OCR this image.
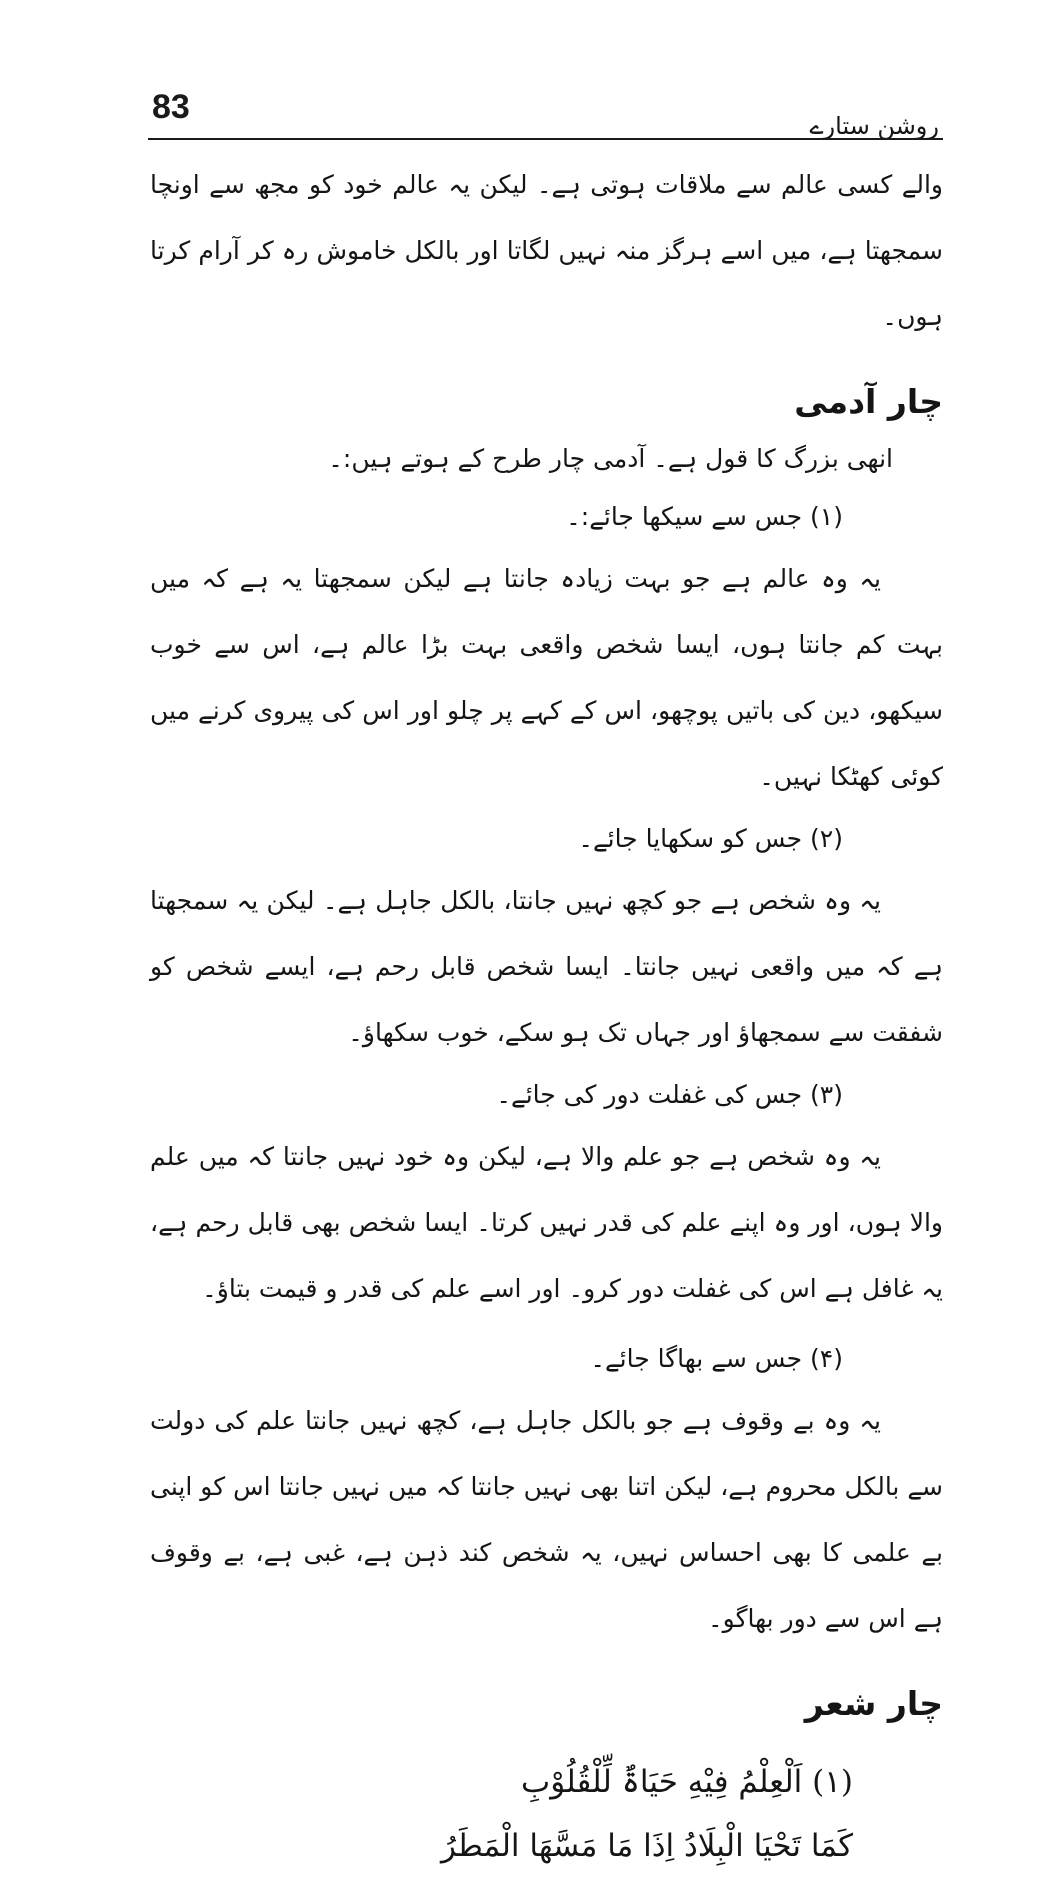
83	روشن ستارے

والے کسی عالم سے ملاقات ہوتی ہے۔ لیکن یہ عالم خود کو مجھ سے اونچا سمجھتا ہے، میں اسے ہرگز منہ نہیں لگاتا اور بالکل خاموش رہ کر آرام کرتا ہوں۔

چار آدمی

انھی بزرگ کا قول ہے۔ آدمی چار طرح کے ہوتے ہیں:۔

(۱) جس سے سیکھا جائے:۔

یہ وہ عالم ہے جو بہت زیادہ جانتا ہے لیکن سمجھتا یہ ہے کہ میں بہت کم جانتا ہوں، ایسا شخص واقعی بہت بڑا عالم ہے، اس سے خوب سیکھو، دین کی باتیں پوچھو، اس کے کہے پر چلو اور اس کی پیروی کرنے میں کوئی کھٹکا نہیں۔

(۲) جس کو سکھایا جائے۔

یہ وہ شخص ہے جو کچھ نہیں جانتا، بالکل جاہل ہے۔ لیکن یہ سمجھتا ہے کہ میں واقعی نہیں جانتا۔ ایسا شخص قابل رحم ہے، ایسے شخص کو شفقت سے سمجھاؤ اور جہاں تک ہو سکے، خوب سکھاؤ۔

(۳) جس کی غفلت دور کی جائے۔

یہ وہ شخص ہے جو علم والا ہے، لیکن وہ خود نہیں جانتا کہ میں علم والا ہوں، اور وہ اپنے علم کی قدر نہیں کرتا۔ ایسا شخص بھی قابل رحم ہے، یہ غافل ہے اس کی غفلت دور کرو۔ اور اسے علم کی قدر و قیمت بتاؤ۔

(۴) جس سے بھاگا جائے۔

یہ وہ بے وقوف ہے جو بالکل جاہل ہے، کچھ نہیں جانتا علم کی دولت سے بالکل محروم ہے، لیکن اتنا بھی نہیں جانتا کہ میں نہیں جانتا اس کو اپنی بے علمی کا بھی احساس نہیں، یہ شخص کند ذہن ہے، غبی ہے، بے وقوف ہے اس سے دور بھاگو۔

چار شعر

(۱) اَلْعِلْمُ فِیْهِ حَیَاۃٌ لِّلْقُلُوْبِ

کَمَا تَحْیَا الْبِلَادُ اِذَا مَا مَسَّهَا الْمَطَرُ
